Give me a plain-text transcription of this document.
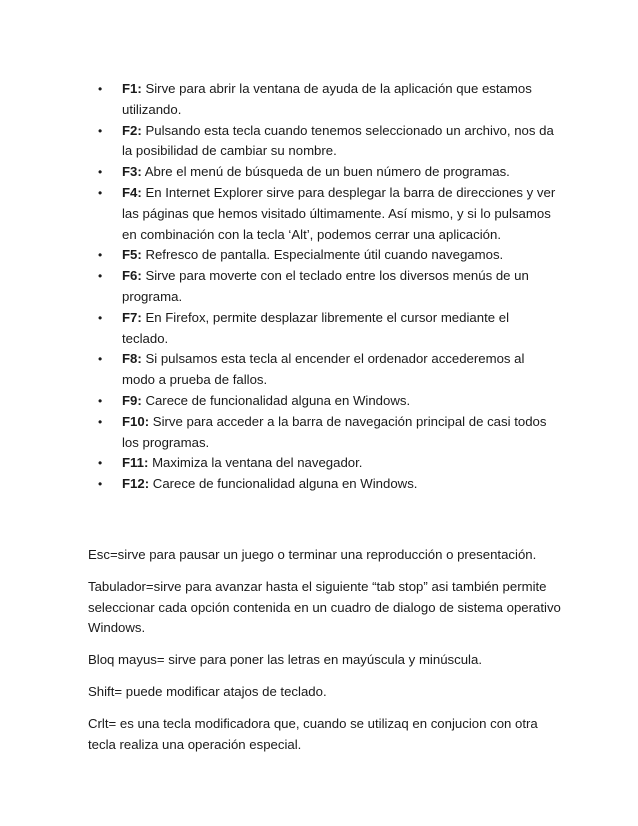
• F1: Sirve para abrir la ventana de ayuda de la aplicación que estamos utilizando.
• F2: Pulsando esta tecla cuando tenemos seleccionado un archivo, nos da la posibilidad de cambiar su nombre.
• F3: Abre el menú de búsqueda de un buen número de programas.
• F4: En Internet Explorer sirve para desplegar la barra de direcciones y ver las páginas que hemos visitado últimamente. Así mismo, y si lo pulsamos en combinación con la tecla ‘Alt’, podemos cerrar una aplicación.
• F5: Refresco de pantalla. Especialmente útil cuando navegamos.
• F6: Sirve para moverte con el teclado entre los diversos menús de un programa.
• F7: En Firefox, permite desplazar libremente el cursor mediante el teclado.
• F8: Si pulsamos esta tecla al encender el ordenador accederemos al modo a prueba de fallos.
• F9: Carece de funcionalidad alguna en Windows.
• F10: Sirve para acceder a la barra de navegación principal de casi todos los programas.
• F11: Maximiza la ventana del navegador.
• F12: Carece de funcionalidad alguna en Windows.

Esc=sirve para pausar un juego o terminar una reproducción o presentación.

Tabulador=sirve para avanzar hasta el siguiente “tab stop” asi también permite seleccionar cada opción contenida en un cuadro de dialogo de sistema operativo Windows.

Bloq mayus= sirve para poner las letras en mayúscula y minúscula.

Shift= puede modificar atajos de teclado.

Crlt= es una tecla modificadora que, cuando se utilizaq en conjucion con otra tecla realiza una operación especial.
